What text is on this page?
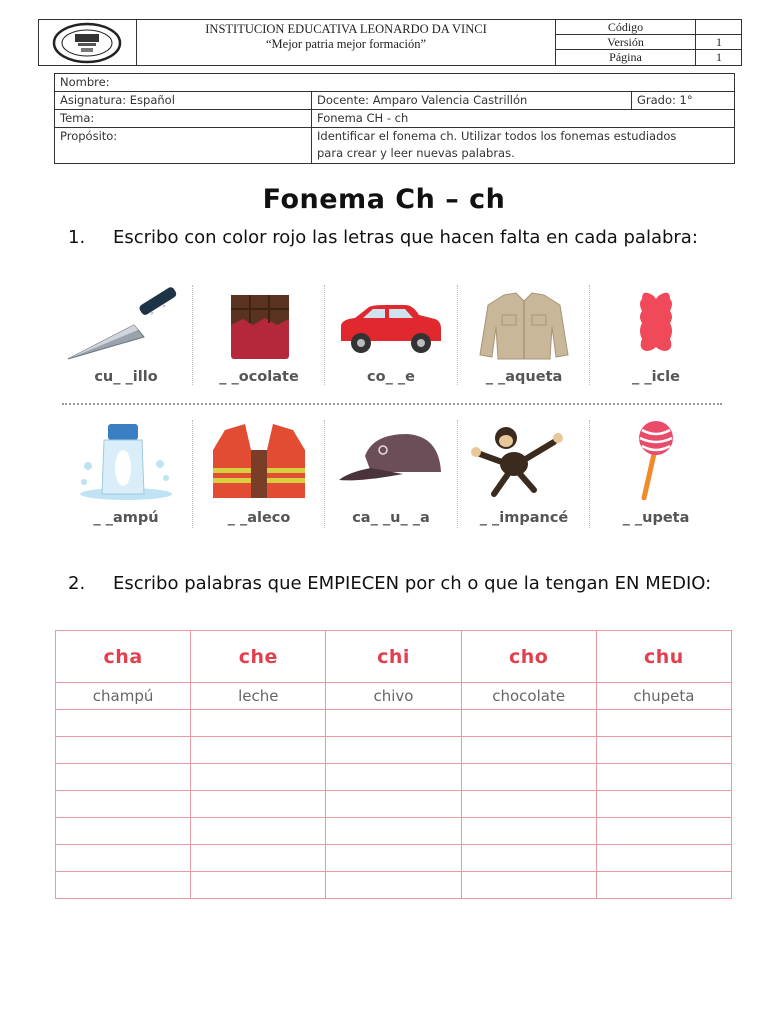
INSTITUCION EDUCATIVA LEONARDO DA VINCI
“Mejor patria mejor formación”
Código
Versión	1
Página	1
Nombre:		
Asignatura: Español	Docente: Amparo Valencia Castrillón	Grado: 1°
Tema:	Fonema CH - ch	
Propósito:	Identificar el fonema ch. Utilizar todos los fonemas estudiados para crear y leer nuevas palabras.	
Fonema Ch – ch
1. Escribo con color rojo las letras que hacen falta en cada palabra:
cu_ _illo	_ _ocolate	co_ _e	_ _aqueta	_ _icle
_ _ampú	_ _aleco	ca_ _u_ _a	_ _impancé	_ _upeta
2. Escribo palabras que EMPIECEN por ch o que la tengan EN MEDIO:
cha	che	chi	cho	chu
champú	leche	chivo	chocolate	chupeta
